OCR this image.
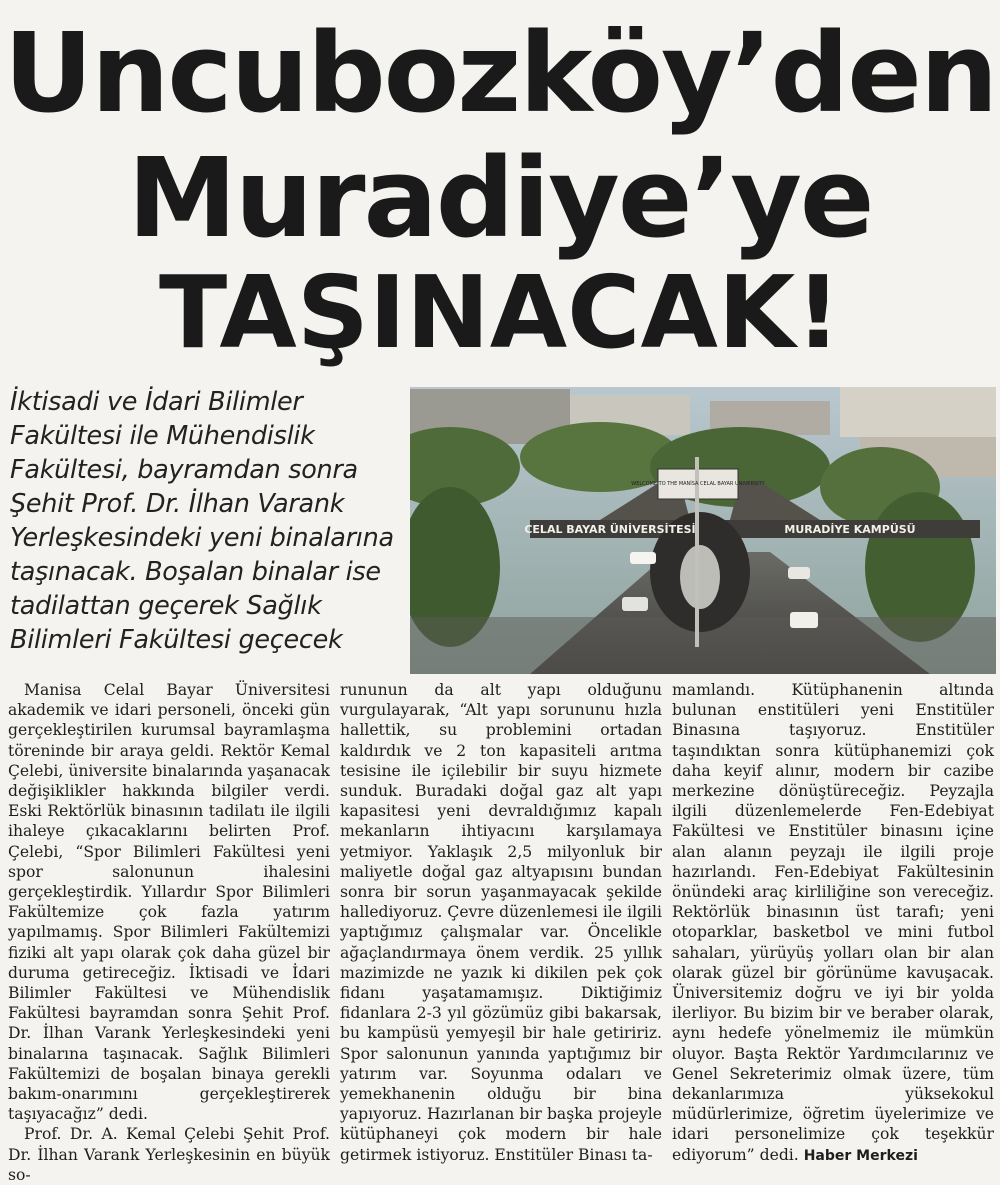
Uncubozköy’den
Muradiye’ye
TAŞINACAK!
İktisadi ve İdari Bilimler Fakültesi ile Mühendislik Fakültesi, bayramdan sonra Şehit Prof. Dr. İlhan Varank Yerleşkesindeki yeni binalarına taşınacak. Boşalan binalar ise tadilattan geçerek Sağlık Bilimleri Fakültesi geçecek
WELCOME TO THE MANİSA CELAL BAYAR UNIVERSITY
CELAL BAYAR ÜNİVERSİTESİ	MURADİYE KAMPÜSÜ

Manisa Celal Bayar Üniversitesi akademik ve idari personeli, önceki gün gerçekleştirilen kurumsal bayramlaşma töreninde bir araya geldi. Rektör Kemal Çelebi, üniversite binalarında yaşanacak değişiklikler hakkında bilgiler verdi. Eski Rektörlük binasının tadilatı ile ilgili ihaleye çıkacaklarını belirten Prof. Çelebi, “Spor Bilimleri Fakültesi yeni spor salonunun ihalesini gerçekleştirdik. Yıllardır Spor Bilimleri Fakültemize çok fazla yatırım yapılmamış. Spor Bilimleri Fakültemizi fiziki alt yapı olarak çok daha güzel bir duruma getireceğiz. İktisadi ve İdari Bilimler Fakültesi ve Mühendislik Fakültesi bayramdan sonra Şehit Prof. Dr. İlhan Varank Yerleşkesindeki yeni binalarına taşınacak. Sağlık Bilimleri Fakültemizi de boşalan binaya gerekli bakım-onarımını gerçekleştirerek taşıyacağız” dedi.

Prof. Dr. A. Kemal Çelebi Şehit Prof. Dr. İlhan Varank Yerleşkesinin en büyük so-

rununun da alt yapı olduğunu vurgulayarak, “Alt yapı sorununu hızla hallettik, su problemini ortadan kaldırdık ve 2 ton kapasiteli arıtma tesisine ile içilebilir bir suyu hizmete sunduk. Buradaki doğal gaz alt yapı kapasitesi yeni devraldığımız kapalı mekanların ihtiyacını karşılamaya yetmiyor. Yaklaşık 2,5 milyonluk bir maliyetle doğal gaz altyapısını bundan sonra bir sorun yaşanmayacak şekilde hallediyoruz. Çevre düzenlemesi ile ilgili yaptığımız çalışmalar var. Öncelikle ağaçlandırmaya önem verdik. 25 yıllık mazimizde ne yazık ki dikilen pek çok fidanı yaşatamamışız. Diktiğimiz fidanlara 2-3 yıl gözümüz gibi bakarsak, bu kampüsü yemyeşil bir hale getiririz. Spor salonunun yanında yaptığımız bir yatırım var. Soyunma odaları ve yemekhanenin olduğu bir bina yapıyoruz. Hazırlanan bir başka projeyle kütüphaneyi çok modern bir hale getirmek istiyoruz. Enstitüler Binası ta-

mamlandı. Kütüphanenin altında bulunan enstitüleri yeni Enstitüler Binasına taşıyoruz. Enstitüler taşındıktan sonra kütüphanemizi çok daha keyif alınır, modern bir cazibe merkezine dönüştüreceğiz. Peyzajla ilgili düzenlemelerde Fen-Edebiyat Fakültesi ve Enstitüler binasını içine alan alanın peyzajı ile ilgili proje hazırlandı. Fen-Edebiyat Fakültesinin önündeki araç kirliliğine son vereceğiz. Rektörlük binasının üst tarafı; yeni otoparklar, basketbol ve mini futbol sahaları, yürüyüş yolları olan bir alan olarak güzel bir görünüme kavuşacak. Üniversitemiz doğru ve iyi bir yolda ilerliyor. Bu bizim bir ve beraber olarak, aynı hedefe yönelmemiz ile mümkün oluyor. Başta Rektör Yardımcılarınız ve Genel Sekreterimiz olmak üzere, tüm dekanlarımıza yüksekokul müdürlerimize, öğretim üyelerimize ve idari personelimize çok teşekkür ediyorum” dedi. Haber Merkezi
